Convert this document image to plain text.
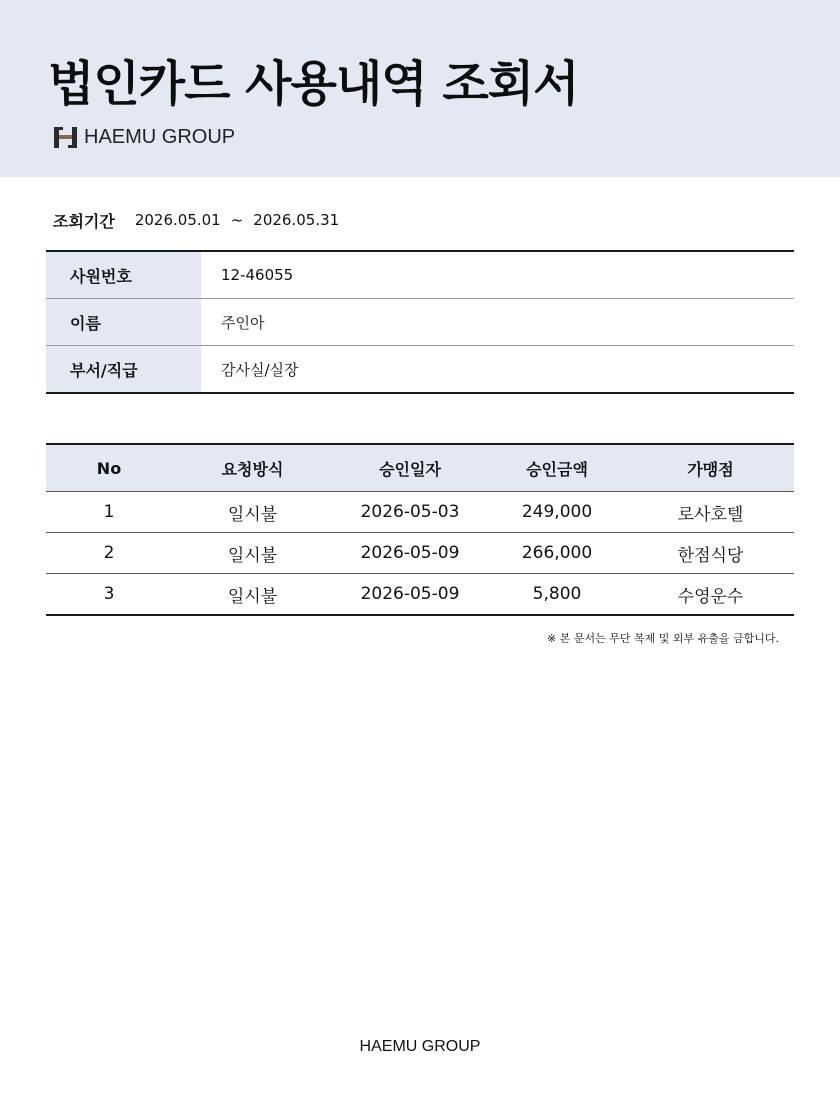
법인카드 사용내역 조회서
HAEMU GROUP
조회기간 2026.05.01 ~ 2026.05.31
사원번호	12-46055
이름	주인아
부서/직급	감사실/실장
No	요청방식	승인일자	승인금액	가맹점
1	일시불	2026-05-03	249,000	로사호텔
2	일시불	2026-05-09	266,000	한점식당
3	일시불	2026-05-09	5,800	수영운수
※ 본 문서는 무단 복제 및 외부 유출을 금합니다.
HAEMU GROUP
